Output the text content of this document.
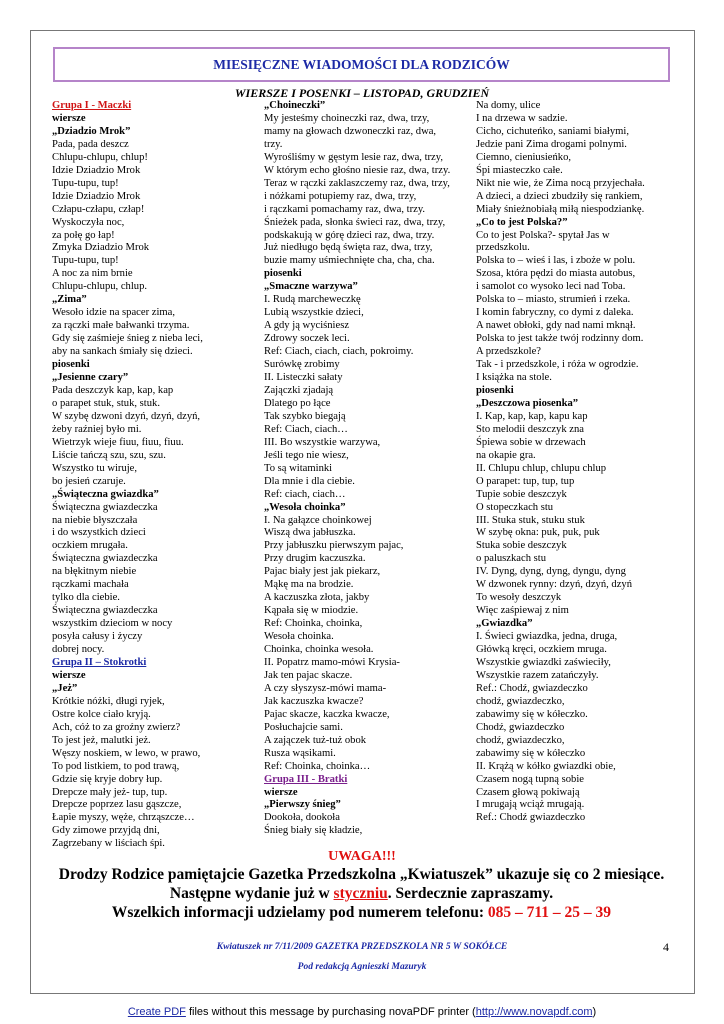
MIESIĘCZNE WIADOMOŚCI DLA RODZICÓW
WIERSZE I POSENKI – LISTOPAD, GRUDZIEŃ
Grupa I - Maczki
wiersze
„Dziadzio Mrok”
Pada, pada deszcz
Chlupu-chlupu, chlup!
Idzie Dziadzio Mrok
Tupu-tupu, tup!
Idzie Dziadzio Mrok
Człapu-człapu, człap!
Wyskoczyła noc,
za połę go łap!
Zmyka Dziadzio Mrok
Tupu-tupu, tup!
A noc za nim brnie
Chlupu-chlupu, chlup.
„Zima”
Wesoło idzie na spacer zima,
za rączki małe bałwanki trzyma.
Gdy się zaśmieje śnieg z nieba leci,
aby na sankach śmiały się dzieci.
piosenki
„Jesienne czary”
Pada deszczyk kap, kap, kap
o parapet stuk, stuk, stuk.
W szybę dzwoni dzyń, dzyń, dzyń,
żeby raźniej było mi.
Wietrzyk wieje fiuu, fiuu, fiuu.
Liście tańczą szu, szu, szu.
Wszystko tu wiruje,
bo jesień czaruje.
„Świąteczna gwiazdka”
Świąteczna gwiazdeczka
na niebie błyszczała
i do wszystkich dzieci
oczkiem mrugała.
Świąteczna gwiazdeczka
na błękitnym niebie
rączkami machała
tylko dla ciebie.
Świąteczna gwiazdeczka
wszystkim dzieciom w nocy
posyła całusy i życzy
dobrej nocy.
Grupa II – Stokrotki
wiersze
„Jeż”
Krótkie nóżki, długi ryjek,
Ostre kolce ciało kryją.
Ach, cóż to za groźny zwierz?
To jest jeż, malutki jeż.
Węszy noskiem, w lewo, w prawo,
To pod listkiem, to pod trawą,
Gdzie się kryje dobry łup.
Drepcze mały jeż- tup, tup.
Drepcze poprzez lasu gąszcze,
Łapie myszy, węże, chrząszcze…
Gdy zimowe przyjdą dni,
Zagrzebany w liściach śpi.
„Choineczki”
My jesteśmy choineczki raz, dwa, trzy,
mamy na głowach dzwoneczki raz, dwa,
trzy.
Wyrośliśmy w gęstym lesie raz, dwa, trzy,
W którym echo głośno niesie raz, dwa, trzy.
Teraz w rączki zaklaszczemy raz, dwa, trzy,
i nóżkami potupiemy raz, dwa, trzy,
i rączkami pomachamy raz, dwa, trzy.
Śnieżek pada, słonka świeci raz, dwa, trzy,
podskakują w górę dzieci raz, dwa, trzy.
Już niedługo będą święta raz, dwa, trzy,
buzie mamy uśmiechnięte cha, cha, cha.
piosenki
„Smaczne warzywa”
I. Rudą marcheweczkę
Lubią wszystkie dzieci,
A gdy ją wyciśniesz
Zdrowy soczek leci.
Ref: Ciach, ciach, ciach, pokroimy.
Surówkę zrobimy
II. Listeczki sałaty
Zajączki zjadają
Dlatego po łące
Tak szybko biegają
Ref: Ciach, ciach…
III. Bo wszystkie warzywa,
Jeśli tego nie wiesz,
To są witaminki
Dla mnie i dla ciebie.
Ref: ciach, ciach…
„Wesoła choinka”
I. Na gałązce choinkowej
Wiszą dwa jabłuszka.
Przy jabłuszku pierwszym pajac,
Przy drugim kaczuszka.
Pajac biały jest jak piekarz,
Mąkę ma na brodzie.
A kaczuszka złota, jakby
Kąpała się w miodzie.
Ref: Choinka, choinka,
Wesoła choinka.
Choinka, choinka wesoła.
II. Popatrz mamo-mówi Krysia-
Jak ten pajac skacze.
A czy słyszysz-mówi mama-
Jak kaczuszka kwacze?
Pajac skacze, kaczka kwacze,
Posłuchajcie sami.
A zajączek tuż-tuż obok
Rusza wąsikami.
Ref: Choinka, choinka…
Grupa III - Bratki
wiersze
„Pierwszy śnieg”
Dookoła, dookoła
Śnieg biały się kładzie,
Na domy, ulice
I na drzewa w sadzie.
Cicho, cichuteńko, saniami białymi,
Jedzie pani Zima drogami polnymi.
Ciemno, cieniusieńko,
Śpi miasteczko całe.
Nikt nie wie, że Zima nocą przyjechała.
A dzieci, a dzieci zbudziły się rankiem,
Miały śnieżnobiałą miłą niespodziankę.
„Co to jest Polska?”
Co to jest Polska?- spytał Jas w
przedszkolu.
Polska to – wieś i las, i zboże w polu.
Szosa, która pędzi do miasta autobus,
i samolot co wysoko leci nad Toba.
Polska to – miasto, strumień i rzeka.
I komin fabryczny, co dymi z daleka.
A nawet obłoki, gdy nad nami mknął.
Polska to jest także twój rodzinny dom.
A przedszkole?
Tak - i przedszkole, i róża w ogrodzie.
I książka na stole.
piosenki
„Deszczowa piosenka”
I. Kap, kap, kap, kapu kap
Sto melodii deszczyk zna
Śpiewa sobie w drzewach
na okapie gra.
II. Chlupu chlup, chlupu chlup
O parapet: tup, tup, tup
Tupie sobie deszczyk
O stopeczkach stu
III. Stuka stuk, stuku stuk
W szybę okna: puk, puk, puk
Stuka sobie deszczyk
o paluszkach stu
IV. Dyng, dyng, dyng, dyngu, dyng
W dzwonek rynny: dzyń, dzyń, dzyń
To wesoły deszczyk
Więc zaśpiewaj z nim
„Gwiazdka”
I. Świeci gwiazdka, jedna, druga,
Główką kręci, oczkiem mruga.
Wszystkie gwiazdki zaświeciły,
Wszystkie razem zatańczyły.
Ref.: Chodź, gwiazdeczko
chodź, gwiazdeczko,
zabawimy się w kółeczko.
Chodź, gwiazdeczko
chodź, gwiazdeczko,
zabawimy się w kółeczko
II. Krążą w kółko gwiazdki obie,
Czasem nogą tupną sobie
Czasem głową pokiwają
I mrugają wciąż mrugają.
Ref.: Chodź gwiazdeczko
UWAGA!!!
Drodzy Rodzice pamiętajcie Gazetka Przedszkolna „Kwiatuszek” ukazuje się co 2 miesiące.
Następne wydanie już w styczniu. Serdecznie zapraszamy.
Wszelkich informacji udzielamy pod numerem telefonu: 085 – 711 – 25 – 39
Kwiatuszek nr 7/11/2009 GAZETKA PRZEDSZKOLA NR 5 W SOKÓŁCE
Pod redakcją Agnieszki Mazuryk
4
Create PDF files without this message by purchasing novaPDF printer (http://www.novapdf.com)
